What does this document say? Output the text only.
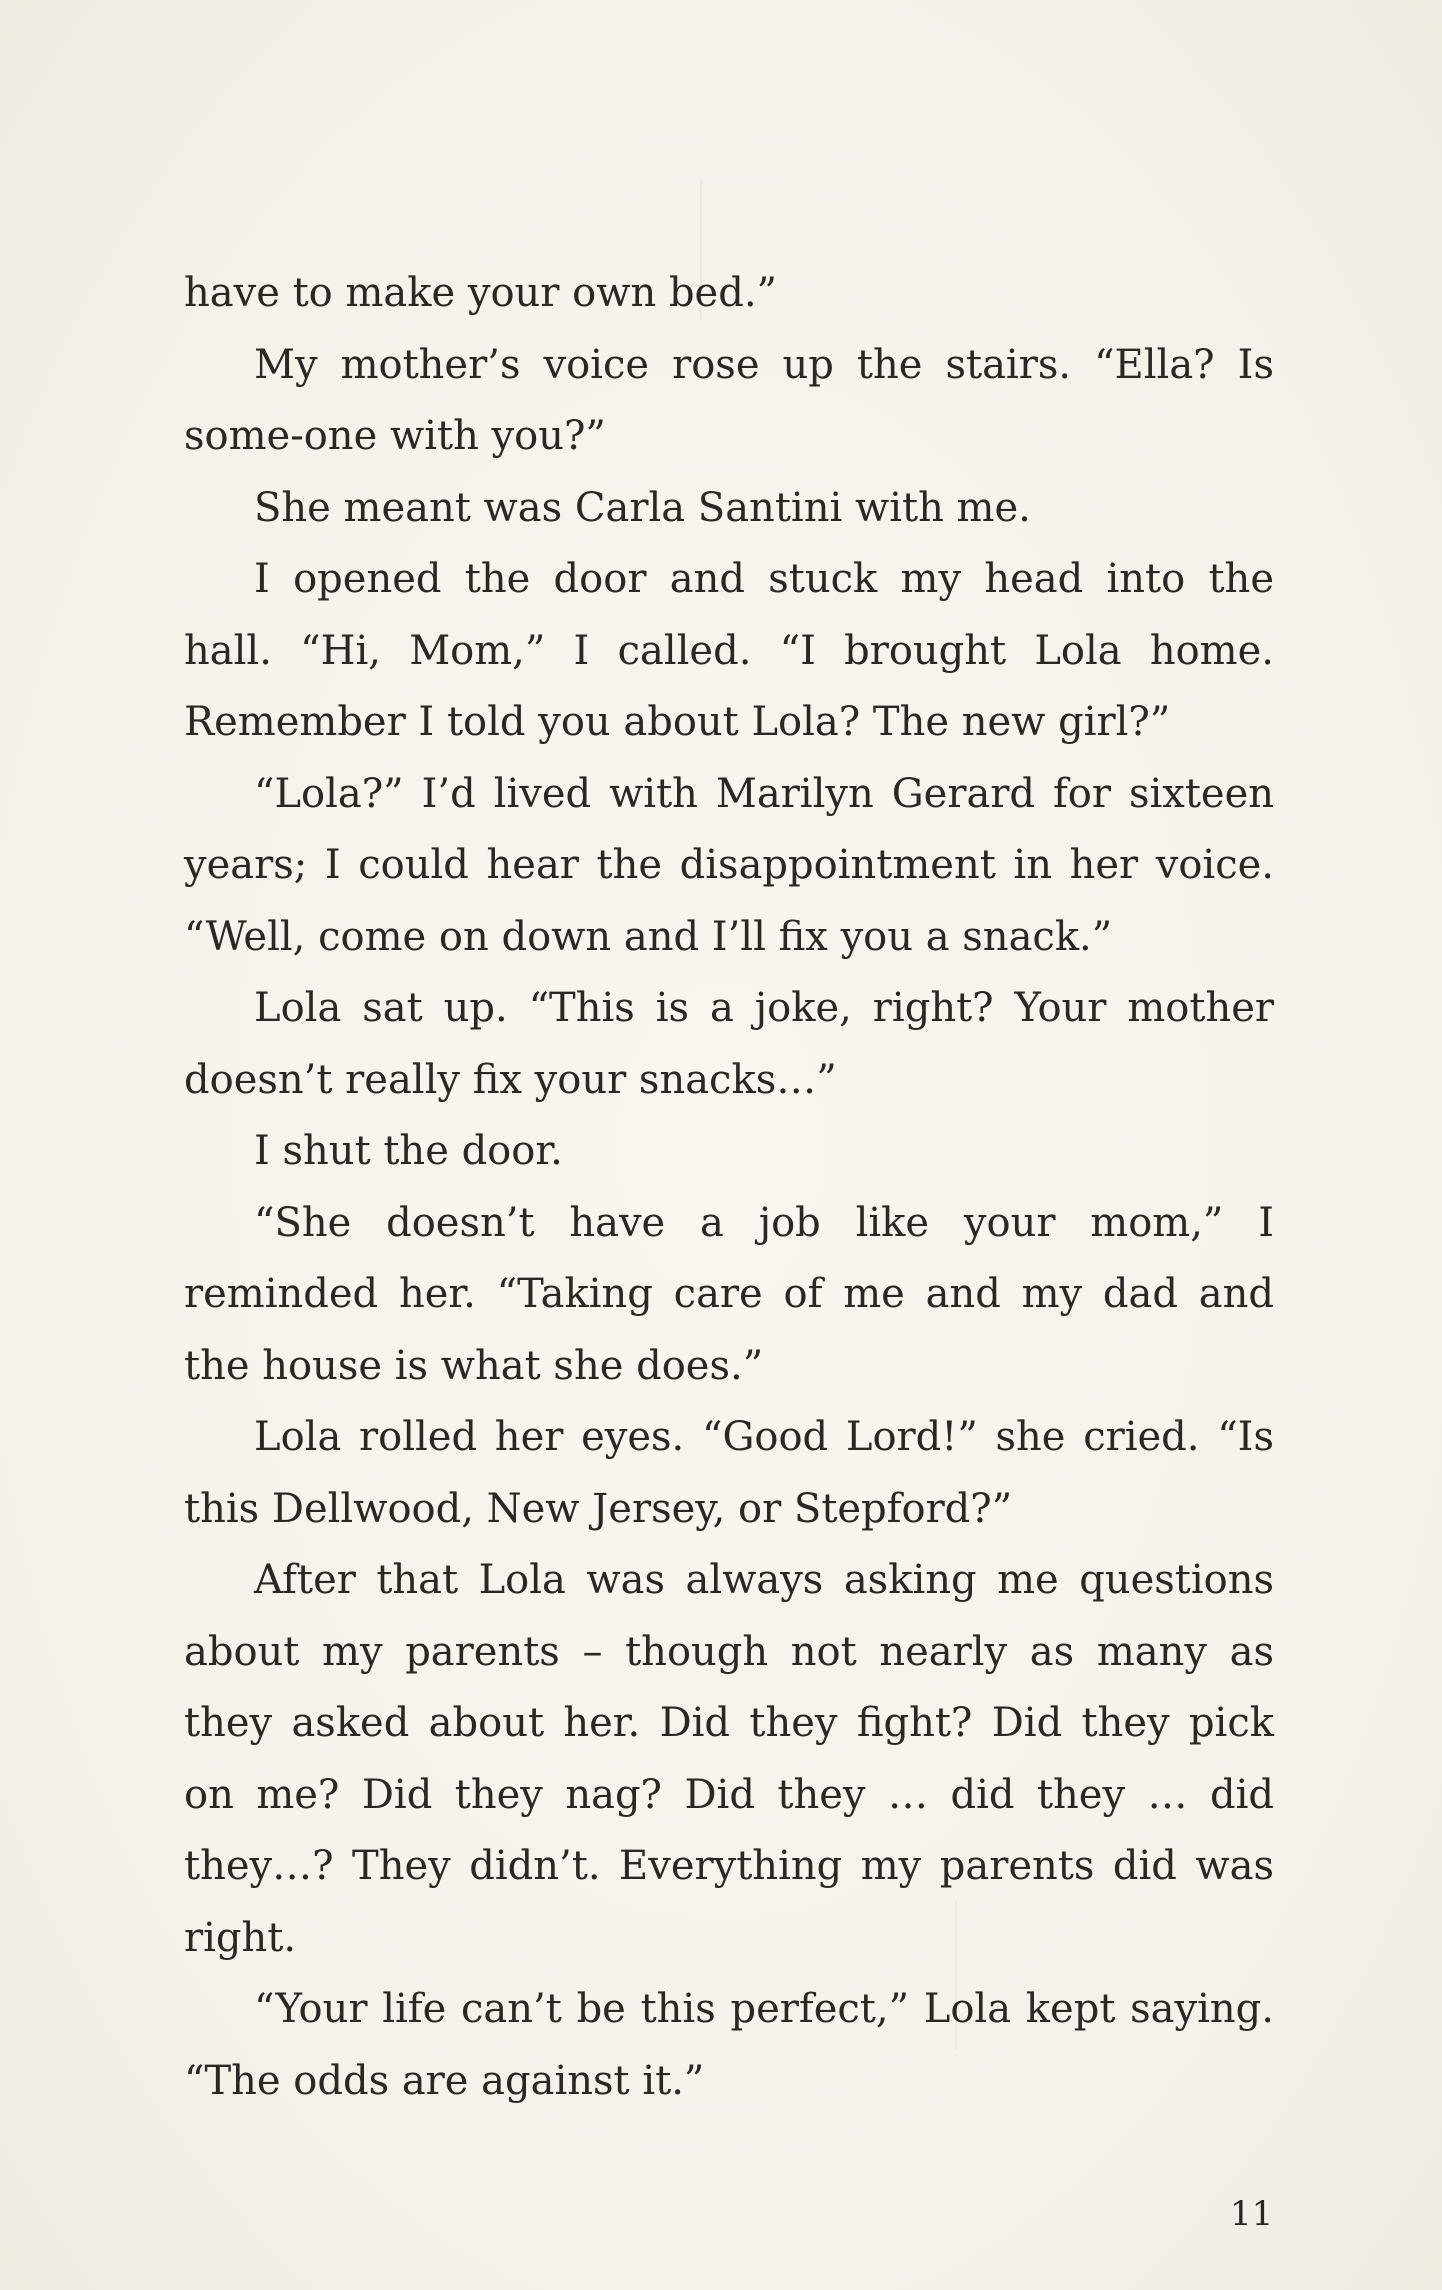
have to make your own bed.”

My mother’s voice rose up the stairs. “Ella? Is some-one with you?”

She meant was Carla Santini with me.

I opened the door and stuck my head into the hall. “Hi, Mom,” I called. “I brought Lola home. Remember I told you about Lola? The new girl?”

“Lola?” I’d lived with Marilyn Gerard for sixteen years; I could hear the disappointment in her voice. “Well, come on down and I’ll fix you a snack.”

Lola sat up. “This is a joke, right? Your mother doesn’t really fix your snacks…”

I shut the door.

“She doesn’t have a job like your mom,” I reminded her. “Taking care of me and my dad and the house is what she does.”

Lola rolled her eyes. “Good Lord!” she cried. “Is this Dellwood, New Jersey, or Stepford?”

After that Lola was always asking me questions about my parents – though not nearly as many as they asked about her. Did they fight? Did they pick on me? Did they nag? Did they … did they … did they…? They didn’t. Everything my parents did was right.

“Your life can’t be this perfect,” Lola kept saying. “The odds are against it.”

11
